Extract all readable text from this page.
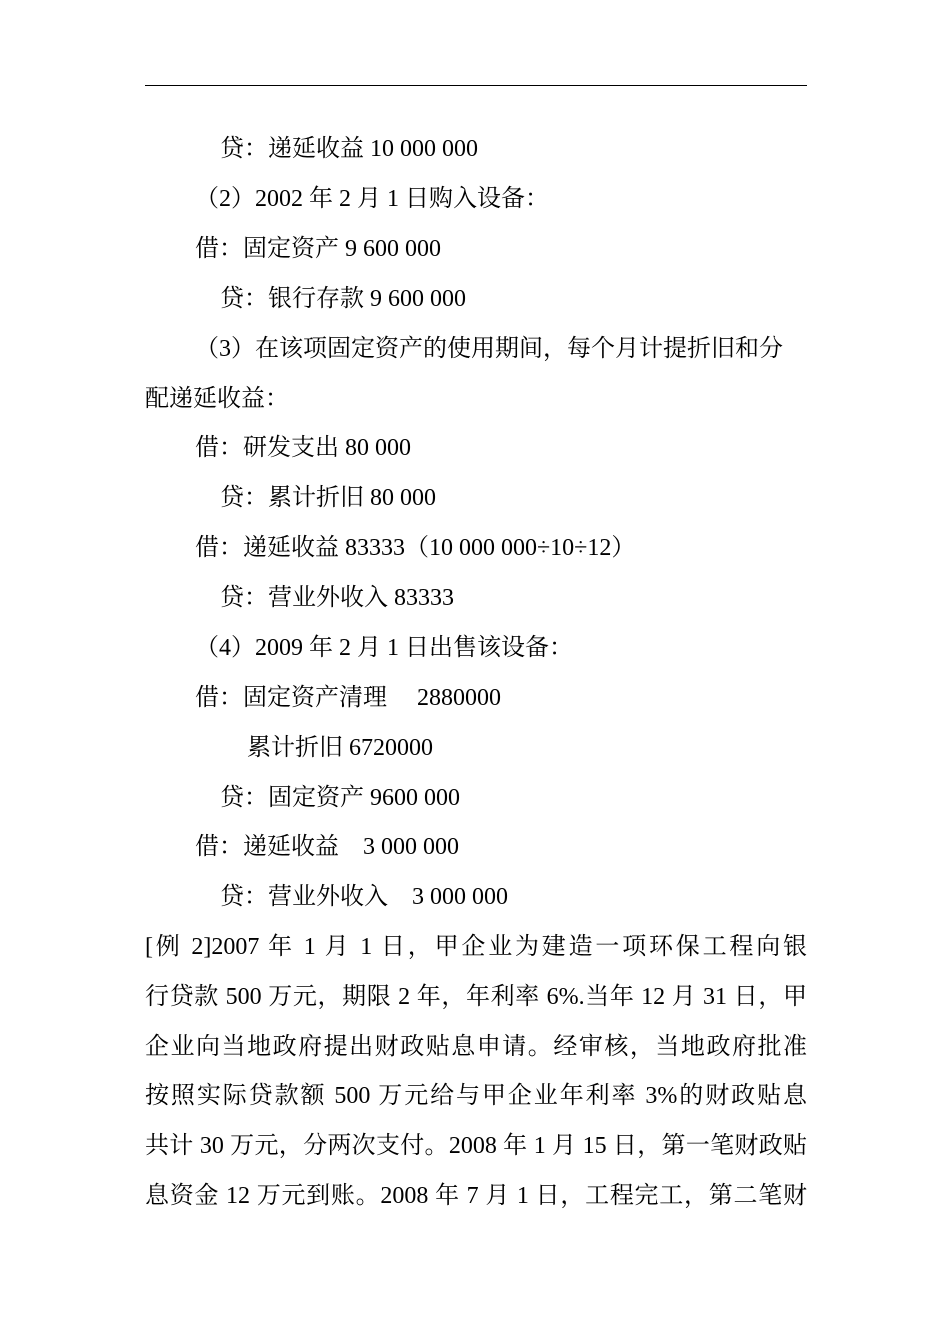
贷：递延收益 10 000 000
（2）2002 年 2 月 1 日购入设备：
借：固定资产 9 600 000
贷：银行存款 9 600 000
（3）在该项固定资产的使用期间，每个月计提折旧和分
配递延收益：
借：研发支出 80 000
贷：累计折旧 80 000
借：递延收益 83333（10 000 000÷10÷12）
贷：营业外收入 83333
（4）2009 年 2 月 1 日出售该设备：
借：固定资产清理     2880000
累计折旧 6720000
贷：固定资产 9600 000
借：递延收益    3 000 000
贷：营业外收入    3 000 000
[例 2]2007 年 1 月 1 日，甲企业为建造一项环保工程向银
行贷款 500 万元，期限 2 年，年利率 6%.当年 12 月 31 日，甲
企业向当地政府提出财政贴息申请。经审核，当地政府批准
按照实际贷款额 500 万元给与甲企业年利率 3%的财政贴息
共计 30 万元，分两次支付。2008 年 1 月 15 日，第一笔财政贴
息资金 12 万元到账。2008 年 7 月 1 日，工程完工，第二笔财
